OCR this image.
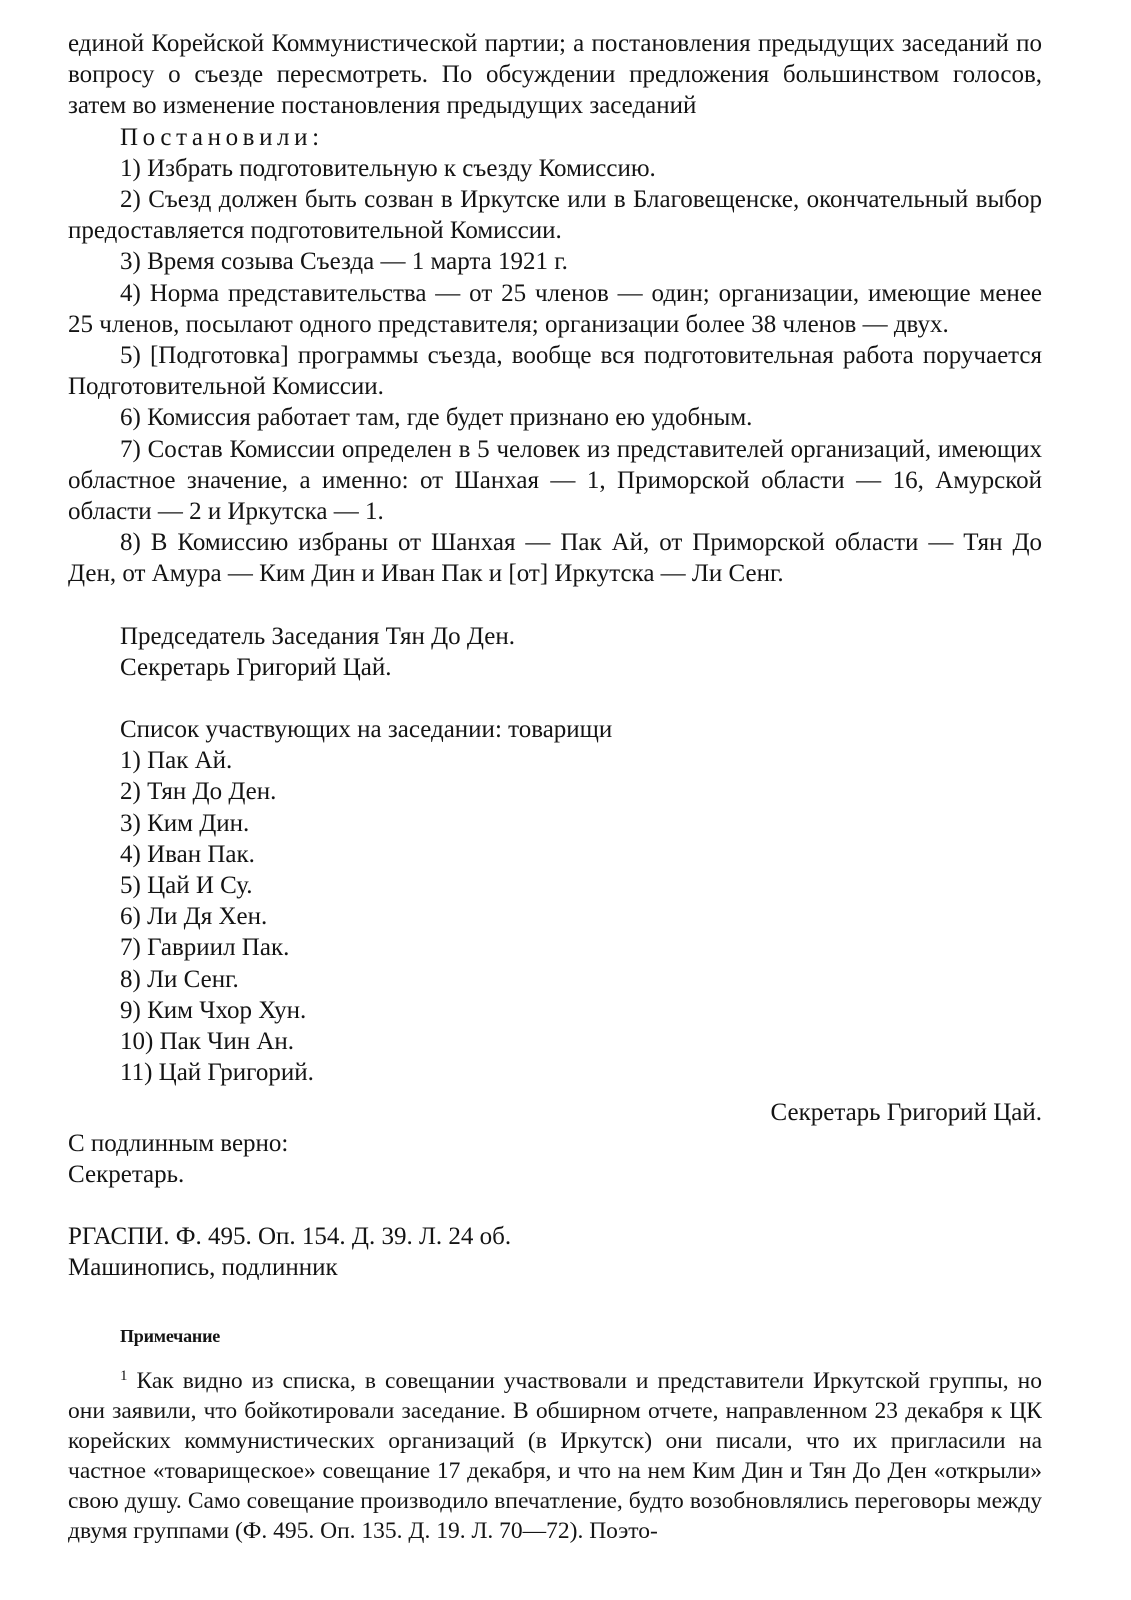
единой Корейской Коммунистической партии; а постановления предыдущих заседаний по вопросу о съезде пересмотреть. По обсуждении предложения большинством голосов, затем во изменение постановления предыдущих заседаний

Постановили:

1) Избрать подготовительную к съезду Комиссию.

2) Съезд должен быть созван в Иркутске или в Благовещенске, окончательный выбор предоставляется подготовительной Комиссии.

3) Время созыва Съезда — 1 марта 1921 г.

4) Норма представительства — от 25 членов — один; организации, имеющие менее 25 членов, посылают одного представителя; организации более 38 членов — двух.

5) [Подготовка] программы съезда, вообще вся подготовительная работа поручается Подготовительной Комиссии.

6) Комиссия работает там, где будет признано ею удобным.

7) Состав Комиссии определен в 5 человек из представителей организаций, имеющих областное значение, а именно: от Шанхая — 1, Приморской области — 16, Амурской области — 2 и Иркутска — 1.

8) В Комиссию избраны от Шанхая — Пак Ай, от Приморской области — Тян До Ден, от Амура — Ким Дин и Иван Пак и [от] Иркутска — Ли Сенг.

Председатель Заседания Тян До Ден.
Секретарь Григорий Цай.
Список участвующих на заседании: товарищи
1) Пак Ай.
2) Тян До Ден.
3) Ким Дин.
4) Иван Пак.
5) Цай И Су.
6) Ли Дя Хен.
7) Гавриил Пак.
8) Ли Сенг.
9) Ким Чхор Хун.
10) Пак Чин Ан.
11) Цай Григорий.

Секретарь Григорий Цай.

С подлинным верно:

Секретарь.

РГАСПИ. Ф. 495. Оп. 154. Д. 39. Л. 24 об.

Машинопись, подлинник

Примечание

$^1$ Как видно из списка, в совещании участвовали и представители Иркутской группы, но они заявили, что бойкотировали заседание. В обширном отчете, направленном 23 декабря к ЦК корейских коммунистических организаций (в Иркутск) они писали, что их пригласили на частное «товарищеское» совещание 17 декабря, и что на нем Ким Дин и Тян До Ден «открыли» свою душу. Само совещание производило впечатление, будто возобновлялись переговоры между двумя группами (Ф. 495. Оп. 135. Д. 19. Л. 70—72). Поэто-
